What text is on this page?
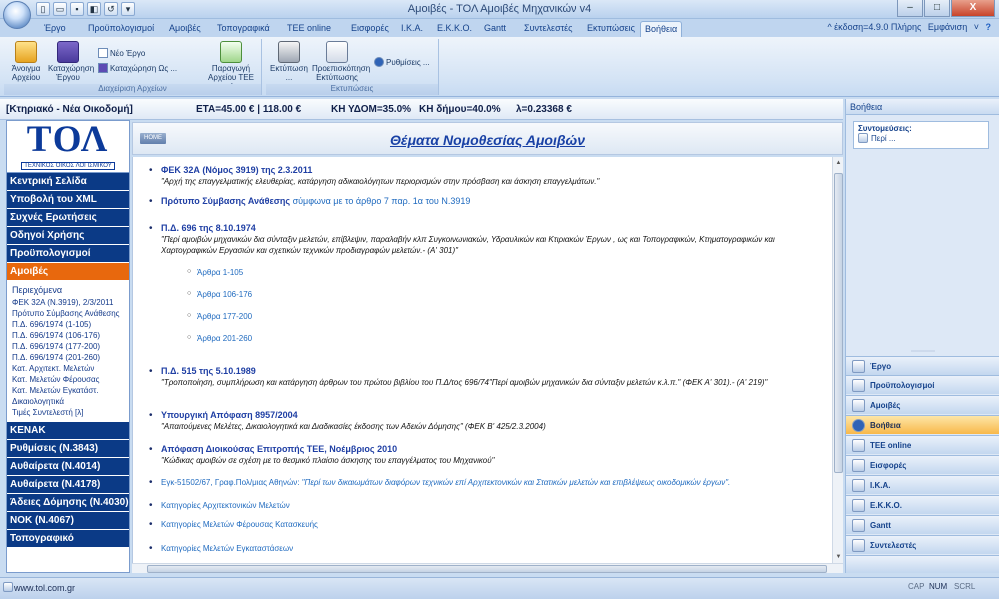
▯	▭	▪	◧ ↺	▾	Αμοιβές - ΤΟΛ Αμοιβές Μηχανικών v4	–	□	X
Έργο	Προϋπολογισμοί	Αμοιβές	Τοπογραφικά	TEE online	Εισφορές	Ι.Κ.Α.	Ε.Κ.Κ.Ο.	Gantt	Συντελεστές	Εκτυπώσεις	Βοήθεια	^ έκδοση=4.9.0 Πλήρης Εμφάνιση ˅ ?
Άνοιγμα Αρχείου
Καταχώρηση Έργου
Νέο Έργο
Καταχώρηση Ως ...	Παραγωγή Αρχείου ΤΕΕ
Διαχείριση Αρχείων
Εκτύπωση ...
Προεπισκόπηση Εκτύπωσης
Ρυθμίσεις ...
Εκτυπώσεις
[Κτηριακό - Νέα Οικοδομή]	ΕΤΑ=45.00 € | 118.00 €	ΚΗ ΥΔΟΜ=35.0% ΚΗ δήμου=40.0% λ=0.23368 €
ΤΟΛ
ΤΕΧΝΙΚΟΣ ΟΙΚΟΣ ΛΟΓΙΣΜΙΚΟΥ
Κεντρική Σελίδα
Υποβολή του XML
Συχνές Ερωτήσεις
Οδηγοί Χρήσης
Προϋπολογισμοί
Αμοιβές
Περιεχόμενα
ΦΕΚ 32Α (Ν.3919), 2/3/2011
Πρότυπο Σύμβασης Ανάθεσης
Π.Δ. 696/1974 (1-105)
Π.Δ. 696/1974 (106-176)
Π.Δ. 696/1974 (177-200)
Π.Δ. 696/1974 (201-260)
Κατ. Αρχιτεκτ. Μελετών
Κατ. Μελετών Φέρουσας
Κατ. Μελετών Εγκατάστ.
Δικαιολογητικά
Τιμές Συντελεστή [λ]
ΚΕΝΑΚ
Ρυθμίσεις (Ν.3843)
Αυθαίρετα (Ν.4014)
Αυθαίρετα (Ν.4178)
Άδειες Δόμησης (Ν.4030)
ΝΟΚ (Ν.4067)
Τοπογραφικό
HOME	Θέματα Νομοθεσίας Αμοιβών
• ΦΕΚ 32Α (Νόμος 3919) της 2.3.2011
"Αρχή της επαγγελματικής ελευθερίας, κατάργηση αδικαιολόγητων περιορισμών στην πρόσβαση και άσκηση επαγγελμάτων."
• Πρότυπο Σύμβασης Ανάθεσης σύμφωνα με το άρθρο 7 παρ. 1α του Ν.3919
• Π.Δ. 696 της 8.10.1974
"Περί αμοιβών μηχανικών δια σύνταξιν μελετών, επίβλεψιν, παραλαβήν κλπ Συγκοινωνιακών, Υδραυλικών και Κτιριακών Έργων , ως και Τοπογραφικών, Κτηματογραφικών και Χαρτογραφικών Εργασιών και σχετικών τεχνικών προδιαγραφών μελετών.- (Α' 301)"
○ Άρθρα 1-105
○ Άρθρα 106-176
○ Άρθρα 177-200
○ Άρθρα 201-260
• Π.Δ. 515 της 5.10.1989
"Τροποποίηση, συμπλήρωση και κατάργηση άρθρων του πρώτου βιβλίου του Π.Δ/τος 696/74"Περί αμοιβών μηχανικών δια σύνταξιν μελετών κ.λ.π." (ΦΕΚ Α' 301).- (Α' 219)"
• Υπουργική Απόφαση 8957/2004
"Απαιτούμενες Μελέτες, Δικαιολογητικά και Διαδικασίες έκδοσης των Αδειών Δόμησης" (ΦΕΚ Β' 425/2.3.2004)
• Απόφαση Διοικούσας Επιτροπής ΤΕΕ, Νοέμβριος 2010
"Κώδικας αμοιβών σε σχέση με το θεσμικό πλαίσιο άσκησης του επαγγέλματος του Μηχανικού"
• Εγκ-51502/67, Γραφ.Πολ/μιας Αθηνών: "Περί των δικαιωμάτων διαφόρων τεχνικών επί Αρχιτεκτονικών και Στατικών μελετών και επιβλέψεως οικοδομικών έργων".
• Κατηγορίες Αρχιτεκτονικών Μελετών
• Κατηγορίες Μελετών Φέρουσας Κατασκευής
• Κατηγορίες Μελετών Εγκαταστάσεων
▲
▼
Βοήθεια
Συντομεύσεις:
Περί ...
⋯⋯⋯⋯
Έργο
Προϋπολογισμοί
Αμοιβές
Βοήθεια
TEE online
Εισφορές
Ι.Κ.Α.
Ε.Κ.Κ.Ο.
Gantt
Συντελεστές
www.tol.com.gr	CAP NUM SCRL
